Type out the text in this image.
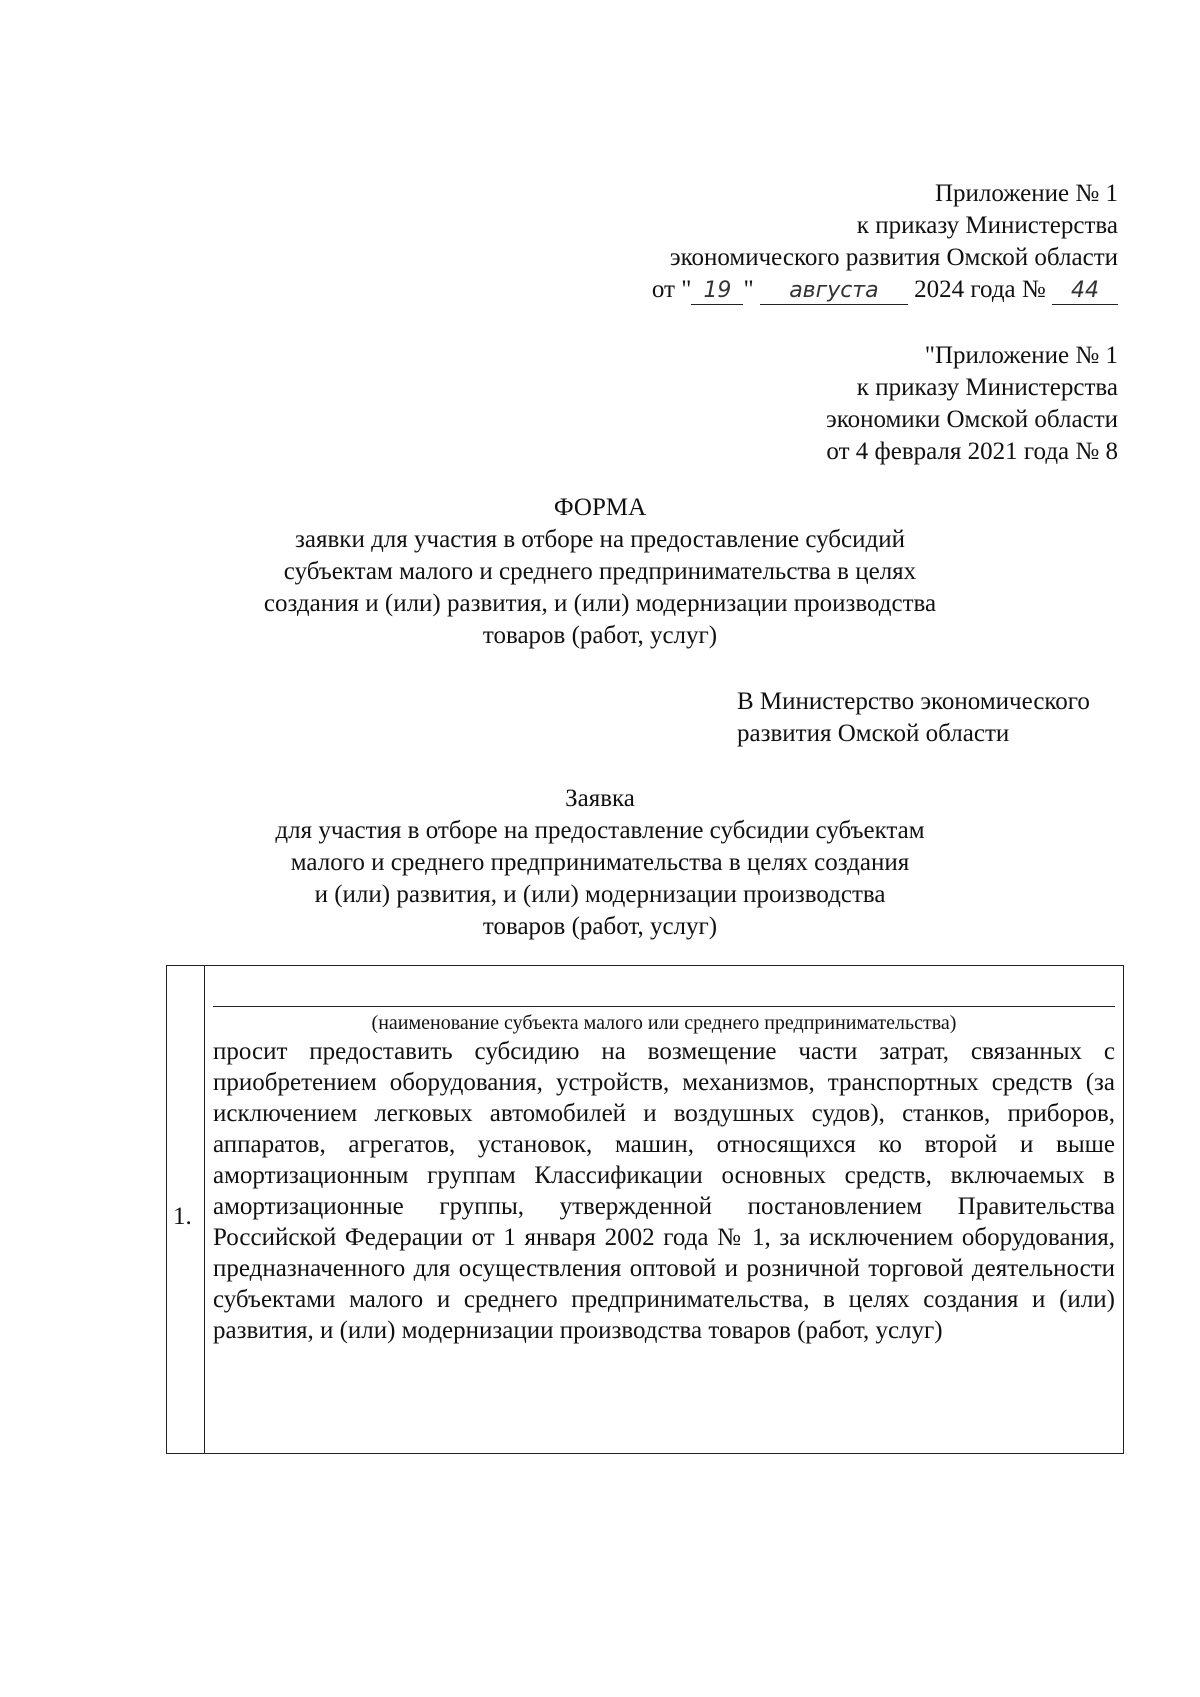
Приложение № 1
к приказу Министерства
экономического развития Омской области
от " 19 " августа 2024 года № 44
"Приложение № 1
к приказу Министерства
экономики Омской области
от 4 февраля 2021 года № 8
ФОРМА
заявки для участия в отборе на предоставление субсидий
субъектам малого и среднего предпринимательства в целях
создания и (или) развития, и (или) модернизации производства
товаров (работ, услуг)
В Министерство экономического
развития Омской области
Заявка
для участия в отборе на предоставление субсидии субъектам
малого и среднего предпринимательства в целях создания
и (или) развития, и (или) модернизации производства
товаров (работ, услуг)
1.
(наименование субъекта малого или среднего предпринимательства)

просит предоставить субсидию на возмещение части затрат, связанных с приобретением оборудования, устройств, механизмов, транспортных средств (за исключением легковых автомобилей и воздушных судов), станков, приборов, аппаратов, агрегатов, установок, машин, относящихся ко второй и выше амортизационным группам Классификации основных средств, включаемых в амортизационные группы, утвержденной постановлением Правительства Российской Федерации от 1 января 2002 года № 1, за исключением оборудования, предназначенного для осуществления оптовой и розничной торговой деятельности субъектами малого и среднего предпринимательства, в целях создания и (или) развития, и (или) модернизации производства товаров (работ, услуг)
